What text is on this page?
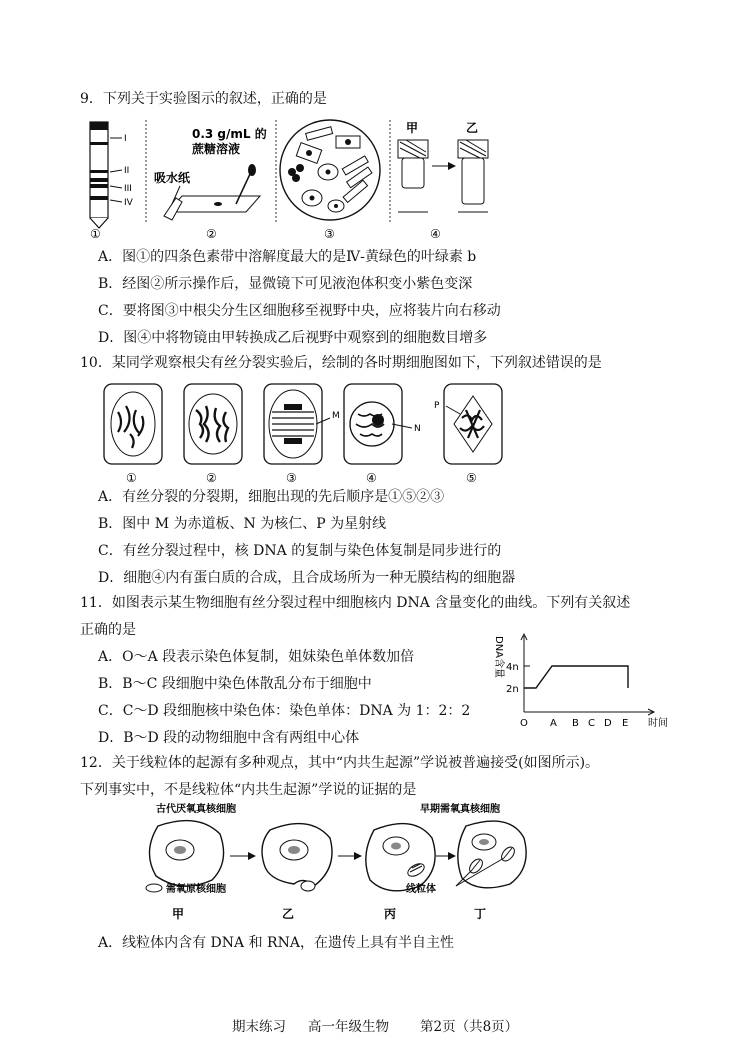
9．下列关于实验图示的叙述，正确的是
I
II
III
IV
0.3 g/mL 的
蔗糖溶液
吸水纸
甲	乙
①	②	③	④
A．图①的四条色素带中溶解度最大的是Ⅳ-黄绿色的叶绿素 b
B．经图②所示操作后，显微镜下可见液泡体积变小紫色变深
C．要将图③中根尖分生区细胞移至视野中央，应将装片向右移动
D．图④中将物镜由甲转换成乙后视野中观察到的细胞数目增多
10．某同学观察根尖有丝分裂实验后，绘制的各时期细胞图如下，下列叙述错误的是
M
N
P
①	②	③	④	⑤
A．有丝分裂的分裂期，细胞出现的先后顺序是①⑤②③
B．图中 M 为赤道板、N 为核仁、P 为星射线
C．有丝分裂过程中，核 DNA 的复制与染色体复制是同步进行的
D．细胞④内有蛋白质的合成，且合成场所为一种无膜结构的细胞器
11．如图表示某生物细胞有丝分裂过程中细胞核内 DNA 含量变化的曲线。下列有关叙述
正确的是
A．O～A 段表示染色体复制，姐妹染色单体数加倍
B．B～C 段细胞中染色体散乱分布于细胞中
C．C～D 段细胞核中染色体：染色单体：DNA 为 1：2：2
D．B～D 段的动物细胞中含有两组中心体
DNA含量
2n
4n
O A B C D E 时间
12．关于线粒体的起源有多种观点，其中“内共生起源”学说被普遍接受(如图所示)。
下列事实中，不是线粒体“内共生起源”学说的证据的是
古代厌氧真核细胞	早期需氧真核细胞
需氧原核细胞	线粒体
甲	乙	丙	丁
A．线粒体内含有 DNA 和 RNA，在遗传上具有半自主性
期末练习 高一年级生物 第2页（共8页）
